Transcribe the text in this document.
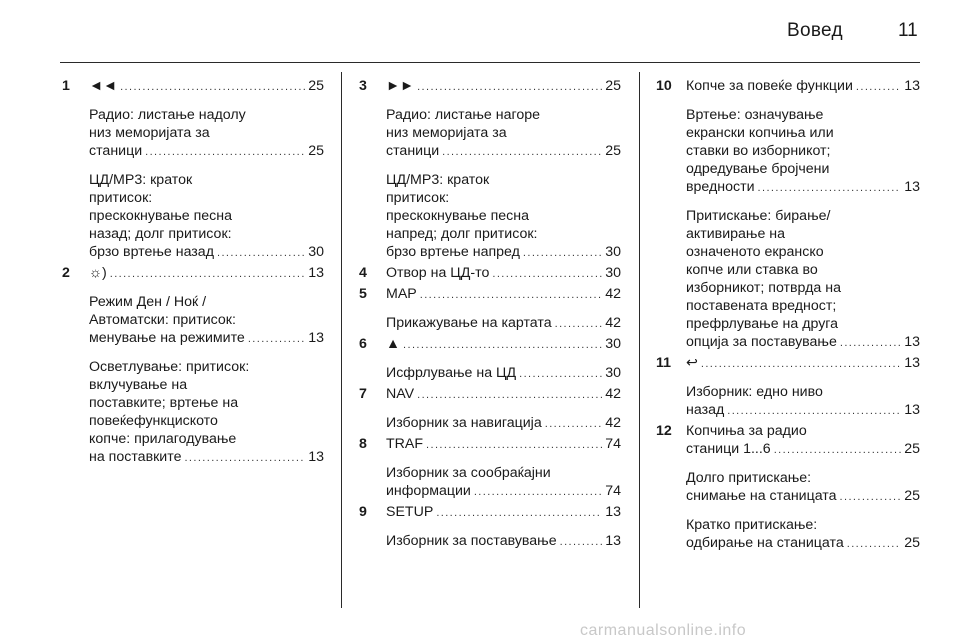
Вовед	11
1 ◄◄ .....	25
Радио: листање надолу
низ меморијата за
станици .....	25
ЦД/MP3: краток
притисок:
прескокнување песна
назад; долг притисок:
брзо вртење назад .....	30
2 ☼) .....	13
Режим Ден / Ноќ /
Автоматски: притисок:
менување на режимите .....	13
Осветлување: притисок:
вклучување на
поставките; вртење на
повеќефункциското
копче: прилагодување
на поставките .....	13
3 ►► .....	25
Радио: листање нагоре
низ меморијата за
станици .....	25
ЦД/MP3: краток
притисок:
прескокнување песна
напред; долг притисок:
брзо вртење напред .....	30
4 Отвор на ЦД-то .....	30
5 MAP .....	42
Прикажување на картата .....	42
6 ▲ .....	30
Исфрлување на ЦД .....	30
7 NAV .....	42
Изборник за навигација .....	42
8 TRAF .....	74
Изборник за сообраќајни
информации .....	74
9 SETUP .....	13
Изборник за поставување .....	13
10 Копче за повеќе функции .....	13
Вртење: означување
екрански копчиња или
ставки во изборникот;
одредување бројчени
вредности .....	13
Притискање: бирање/
активирање на
означеното екранско
копче или ставка во
изборникот; потврда на
поставената вредност;
префрлување на друга
опција за поставување .....	13
11 ↩ .....	13
Изборник: едно ниво
назад .....	13
12 Копчиња за радио
станици 1...6 .....	25
Долго притискање:
снимање на станицата .....	25
Кратко притискање:
одбирање на станицата .....	25
carmanualsonline.info
